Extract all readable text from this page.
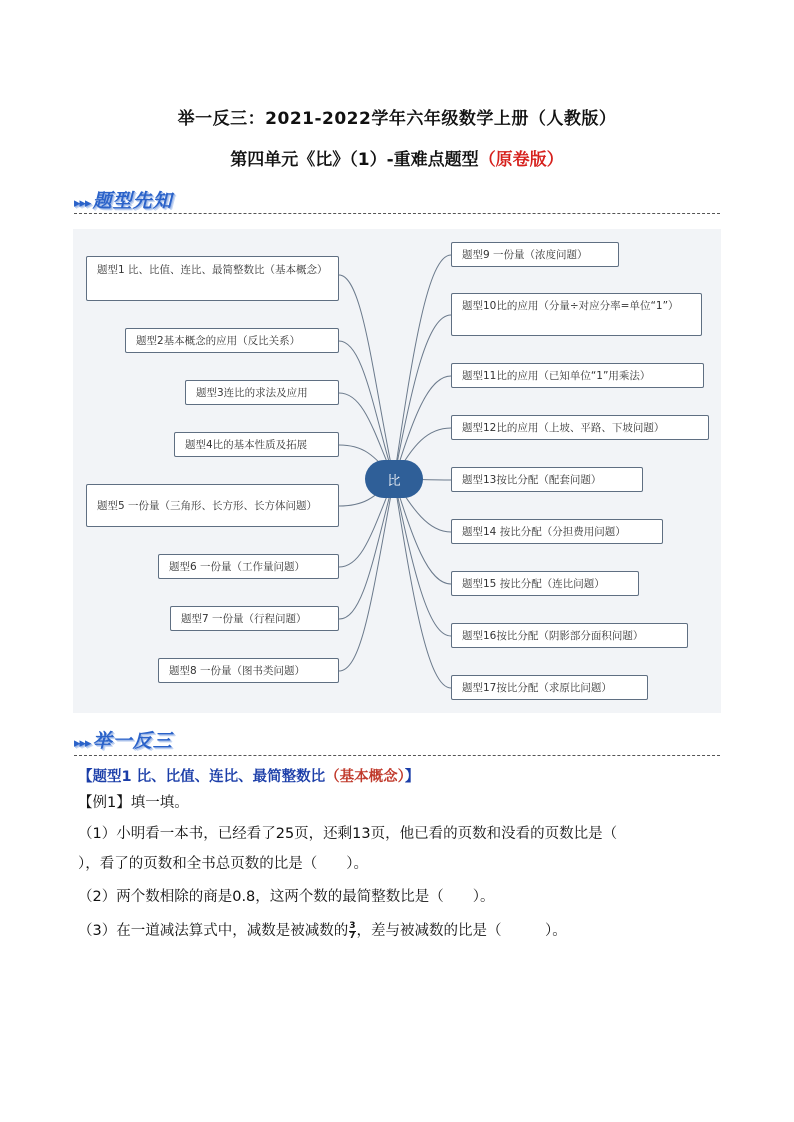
举一反三：2021-2022学年六年级数学上册（人教版）
第四单元《比》（1）-重难点题型（原卷版）
▸▸▸ 题型先知
题型1 比、比值、连比、最简整数比（基本概念）
题型2基本概念的应用（反比关系）
题型3连比的求法及应用
题型4比的基本性质及拓展
题型5 一份量（三角形、长方形、长方体问题）
题型6 一份量（工作量问题）
题型7 一份量（行程问题）
题型8 一份量（图书类问题）
比
题型9 一份量（浓度问题）
题型10比的应用（分量÷对应分率=单位“1”）
题型11比的应用（已知单位“1”用乘法）
题型12比的应用（上坡、平路、下坡问题）
题型13按比分配（配套问题）
题型14 按比分配（分担费用问题）
题型15 按比分配（连比问题）
题型16按比分配（阴影部分面积问题）
题型17按比分配（求原比问题）
▸▸▸ 举一反三
【题型1 比、比值、连比、最简整数比（基本概念）】
【例1】填一填。
（1）小明看一本书，已经看了25页，还剩13页，他已看的页数和没看的页数比是（
），看了的页数和全书总页数的比是（　　）。
（2）两个数相除的商是0.8，这两个数的最简整数比是（　　）。
（3）在一道减法算式中，减数是被减数的 $\frac{3}{7}$ ，差与被减数的比是（　　　）。
